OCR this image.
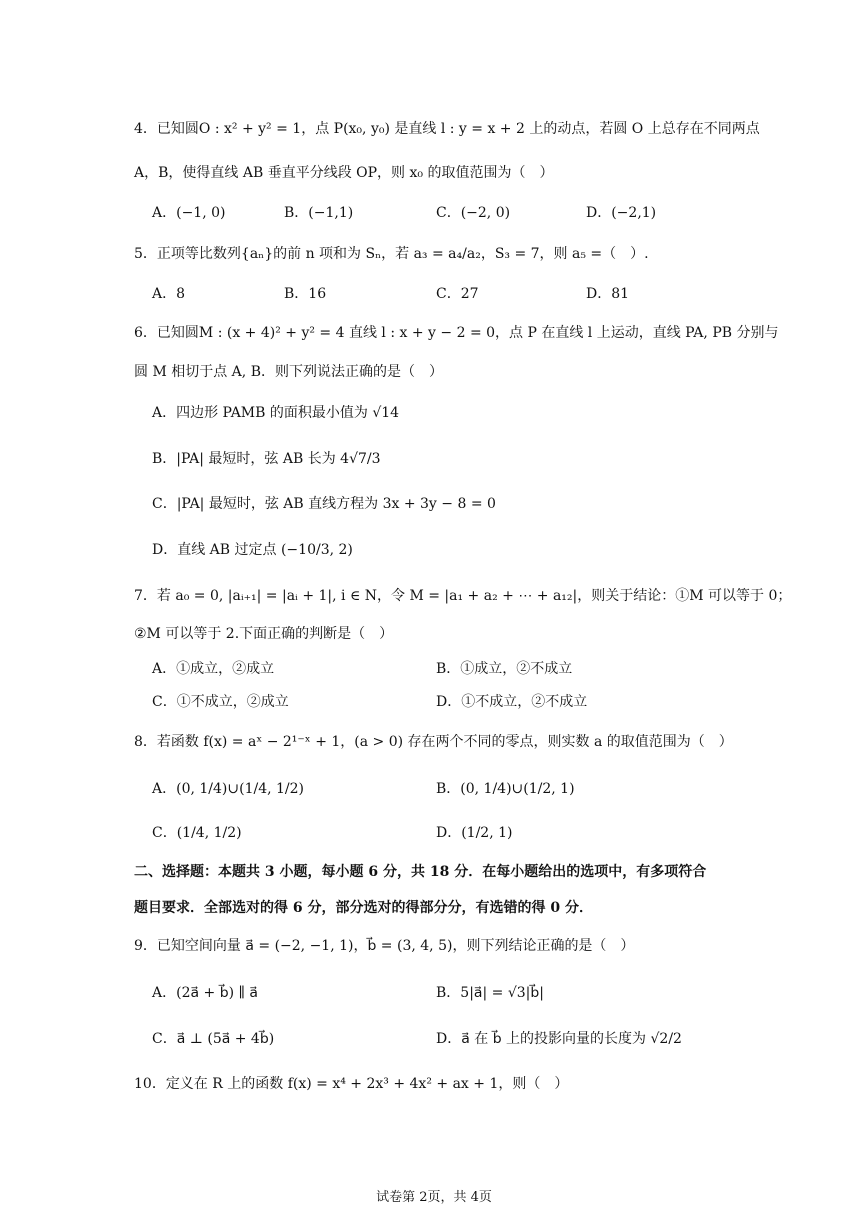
4．已知圆O : x² + y² = 1，点 P(x₀, y₀) 是直线 l : y = x + 2 上的动点，若圆 O 上总存在不同两点
A，B，使得直线 AB 垂直平分线段 OP，则 x₀ 的取值范围为（　）
A．(−1, 0)	B．(−1,1)	C．(−2, 0)	D．(−2,1)
5．正项等比数列{aₙ}的前 n 项和为 Sₙ，若 a₃ = a₄/a₂，S₃ = 7，则 a₅ =（　）.
A．8	B．16	C．27	D．81
6．已知圆M : (x + 4)² + y² = 4 直线 l : x + y − 2 = 0，点 P 在直线 l 上运动，直线 PA, PB 分别与
圆 M 相切于点 A, B．则下列说法正确的是（　）
A．四边形 PAMB 的面积最小值为 √14
B．|PA| 最短时，弦 AB 长为 4√7/3
C．|PA| 最短时，弦 AB 直线方程为 3x + 3y − 8 = 0
D．直线 AB 过定点 (−10/3, 2)
7．若 a₀ = 0, |aᵢ₊₁| = |aᵢ + 1|, i ∈ N，令 M = |a₁ + a₂ + ⋯ + a₁₂|，则关于结论：①M 可以等于 0；
②M 可以等于 2.下面正确的判断是（　）
A．①成立，②成立	B．①成立，②不成立
C．①不成立，②成立	D．①不成立，②不成立
8．若函数 f(x) = aˣ − 2¹⁻ˣ + 1，(a > 0) 存在两个不同的零点，则实数 a 的取值范围为（　）
A．(0, 1/4)∪(1/4, 1/2)	B．(0, 1/4)∪(1/2, 1)
C．(1/4, 1/2)	D．(1/2, 1)
二、选择题：本题共 3 小题，每小题 6 分，共 18 分．在每小题给出的选项中，有多项符合
题目要求．全部选对的得 6 分，部分选对的得部分分，有选错的得 0 分．
9．已知空间向量 a⃗ = (−2, −1, 1)，b⃗ = (3, 4, 5)，则下列结论正确的是（　）
A．(2a⃗ + b⃗) ∥ a⃗	B．5|a⃗| = √3|b⃗|
C．a⃗ ⊥ (5a⃗ + 4b⃗)	D．a⃗ 在 b⃗ 上的投影向量的长度为 √2/2
10．定义在 R 上的函数 f(x) = x⁴ + 2x³ + 4x² + ax + 1，则（　）
试卷第 2页，共 4页
